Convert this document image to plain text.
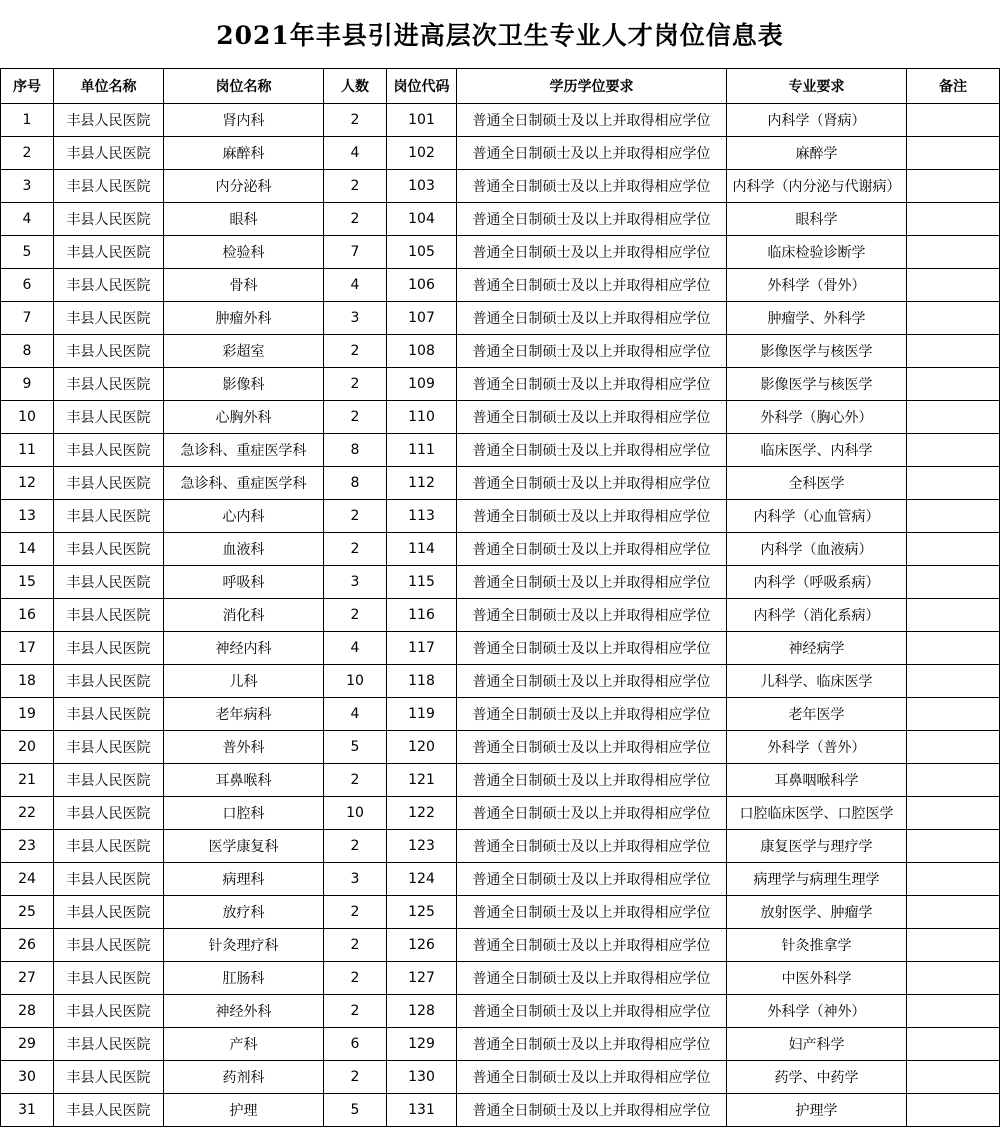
2021年丰县引进高层次卫生专业人才岗位信息表
序号	单位名称	岗位名称	人数	岗位代码	学历学位要求	专业要求	备注
1	丰县人民医院	肾内科	2	101	普通全日制硕士及以上并取得相应学位	内科学（肾病）	
2	丰县人民医院	麻醉科	4	102	普通全日制硕士及以上并取得相应学位	麻醉学	
3	丰县人民医院	内分泌科	2	103	普通全日制硕士及以上并取得相应学位	内科学（内分泌与代谢病）	
4	丰县人民医院	眼科	2	104	普通全日制硕士及以上并取得相应学位	眼科学	
5	丰县人民医院	检验科	7	105	普通全日制硕士及以上并取得相应学位	临床检验诊断学	
6	丰县人民医院	骨科	4	106	普通全日制硕士及以上并取得相应学位	外科学（骨外）	
7	丰县人民医院	肿瘤外科	3	107	普通全日制硕士及以上并取得相应学位	肿瘤学、外科学	
8	丰县人民医院	彩超室	2	108	普通全日制硕士及以上并取得相应学位	影像医学与核医学	
9	丰县人民医院	影像科	2	109	普通全日制硕士及以上并取得相应学位	影像医学与核医学	
10	丰县人民医院	心胸外科	2	110	普通全日制硕士及以上并取得相应学位	外科学（胸心外）	
11	丰县人民医院	急诊科、重症医学科	8	111	普通全日制硕士及以上并取得相应学位	临床医学、内科学	
12	丰县人民医院	急诊科、重症医学科	8	112	普通全日制硕士及以上并取得相应学位	全科医学	
13	丰县人民医院	心内科	2	113	普通全日制硕士及以上并取得相应学位	内科学（心血管病）	
14	丰县人民医院	血液科	2	114	普通全日制硕士及以上并取得相应学位	内科学（血液病）	
15	丰县人民医院	呼吸科	3	115	普通全日制硕士及以上并取得相应学位	内科学（呼吸系病）	
16	丰县人民医院	消化科	2	116	普通全日制硕士及以上并取得相应学位	内科学（消化系病）	
17	丰县人民医院	神经内科	4	117	普通全日制硕士及以上并取得相应学位	神经病学	
18	丰县人民医院	儿科	10	118	普通全日制硕士及以上并取得相应学位	儿科学、临床医学	
19	丰县人民医院	老年病科	4	119	普通全日制硕士及以上并取得相应学位	老年医学	
20	丰县人民医院	普外科	5	120	普通全日制硕士及以上并取得相应学位	外科学（普外）	
21	丰县人民医院	耳鼻喉科	2	121	普通全日制硕士及以上并取得相应学位	耳鼻咽喉科学	
22	丰县人民医院	口腔科	10	122	普通全日制硕士及以上并取得相应学位	口腔临床医学、口腔医学	
23	丰县人民医院	医学康复科	2	123	普通全日制硕士及以上并取得相应学位	康复医学与理疗学	
24	丰县人民医院	病理科	3	124	普通全日制硕士及以上并取得相应学位	病理学与病理生理学	
25	丰县人民医院	放疗科	2	125	普通全日制硕士及以上并取得相应学位	放射医学、肿瘤学	
26	丰县人民医院	针灸理疗科	2	126	普通全日制硕士及以上并取得相应学位	针灸推拿学	
27	丰县人民医院	肛肠科	2	127	普通全日制硕士及以上并取得相应学位	中医外科学	
28	丰县人民医院	神经外科	2	128	普通全日制硕士及以上并取得相应学位	外科学（神外）	
29	丰县人民医院	产科	6	129	普通全日制硕士及以上并取得相应学位	妇产科学	
30	丰县人民医院	药剂科	2	130	普通全日制硕士及以上并取得相应学位	药学、中药学	
31	丰县人民医院	护理	5	131	普通全日制硕士及以上并取得相应学位	护理学	
